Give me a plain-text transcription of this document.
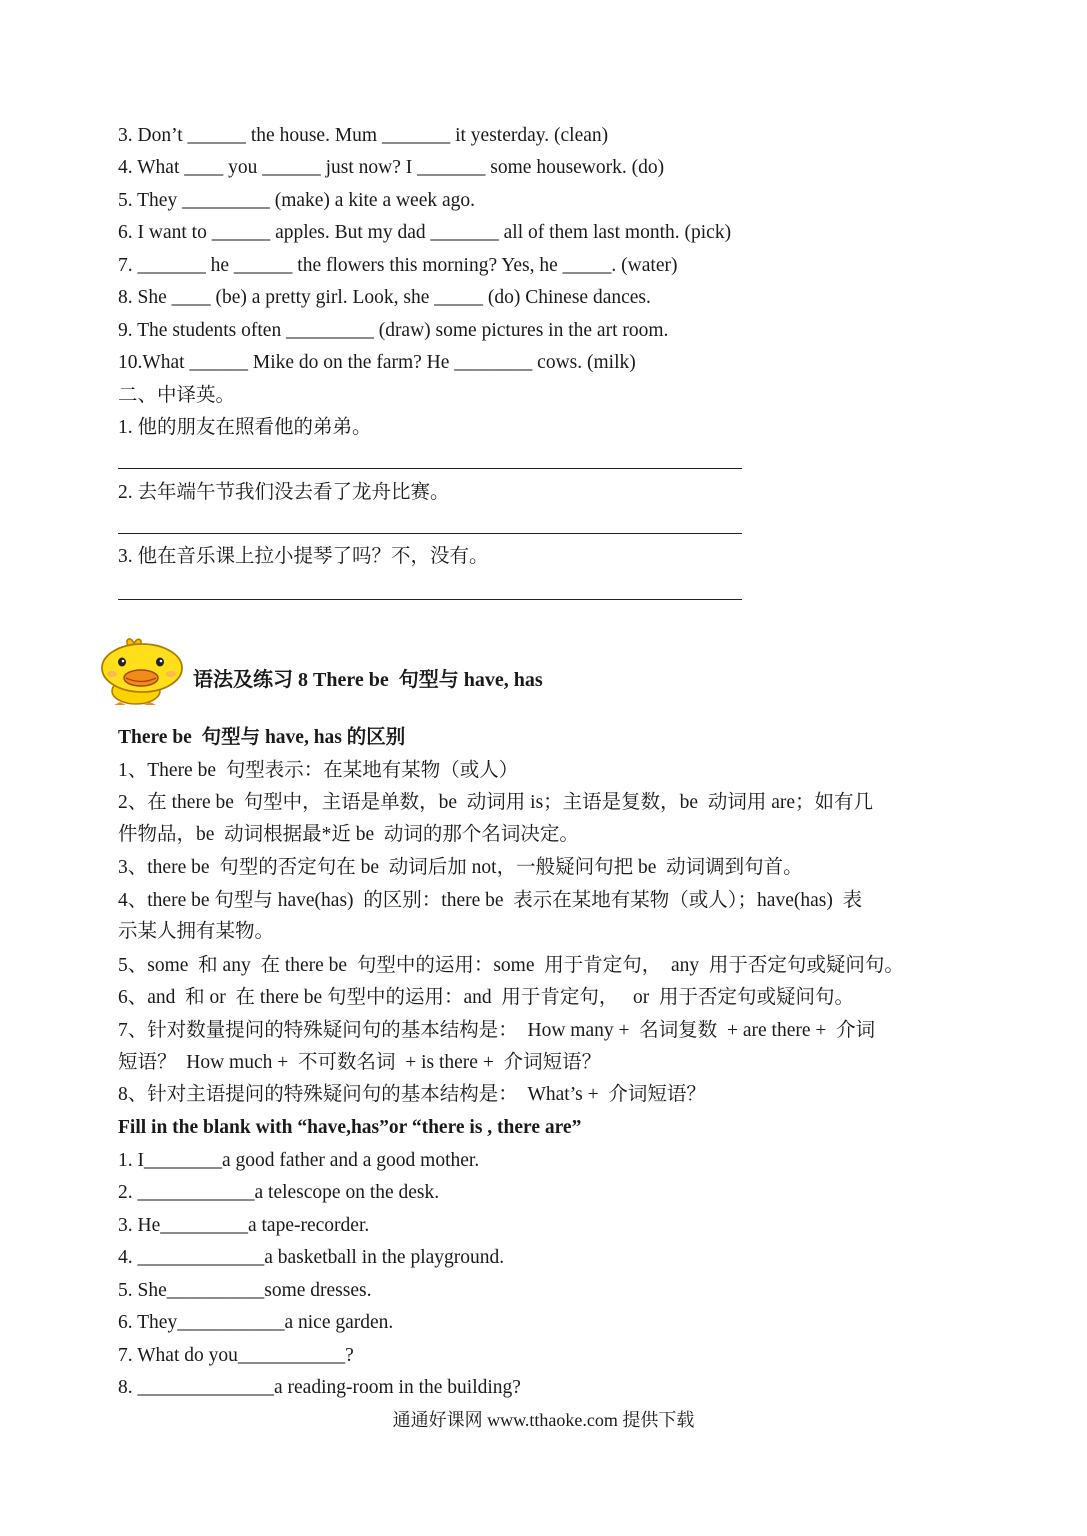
3. Don’t ______ the house. Mum _______ it yesterday. (clean)
4. What ____ you ______ just now? I _______ some housework. (do)
5. They _________ (make) a kite a week ago.
6. I want to ______ apples. But my dad _______ all of them last month. (pick)
7. _______ he ______ the flowers this morning? Yes, he _____. (water)
8. She ____ (be) a pretty girl. Look, she _____ (do) Chinese dances.
9. The students often _________ (draw) some pictures in the art room.
10.What ______ Mike do on the farm? He ________ cows. (milk)
二、中译英。
1. 他的朋友在照看他的弟弟。
2. 去年端午节我们没去看了龙舟比赛。
3. 他在音乐课上拉小提琴了吗？不，没有。
语法及练习 8 There be  句型与 have, has
There be  句型与 have, has 的区别
1、There be  句型表示：在某地有某物（或人）
2、在 there be  句型中，主语是单数，be  动词用 is；主语是复数，be  动词用 are；如有几
件物品，be  动词根据最*近 be  动词的那个名词决定。
3、there be  句型的否定句在 be  动词后加 not，一般疑问句把 be  动词调到句首。
4、there be 句型与 have(has)  的区别：there be  表示在某地有某物（或人）；have(has)  表
示某人拥有某物。
5、some  和 any  在 there be  句型中的运用：some  用于肯定句，  any  用于否定句或疑问句。
6、and  和 or  在 there be 句型中的运用：and  用于肯定句，   or  用于否定句或疑问句。
7、针对数量提问的特殊疑问句的基本结构是：  How many +  名词复数  + are there +  介词
短语？  How much +  不可数名词  + is there +  介词短语？
8、针对主语提问的特殊疑问句的基本结构是：  What’s +  介词短语？
Fill in the blank with “have,has”or “there is , there are”
1. I________a good father and a good mother.
2. ____________a telescope on the desk.
3. He_________a tape-recorder.
4. _____________a basketball in the playground.
5. She__________some dresses.
6. They___________a nice garden.
7. What do you___________?
8. ______________a reading-room in the building?
通通好课网 www.tthaoke.com 提供下载
